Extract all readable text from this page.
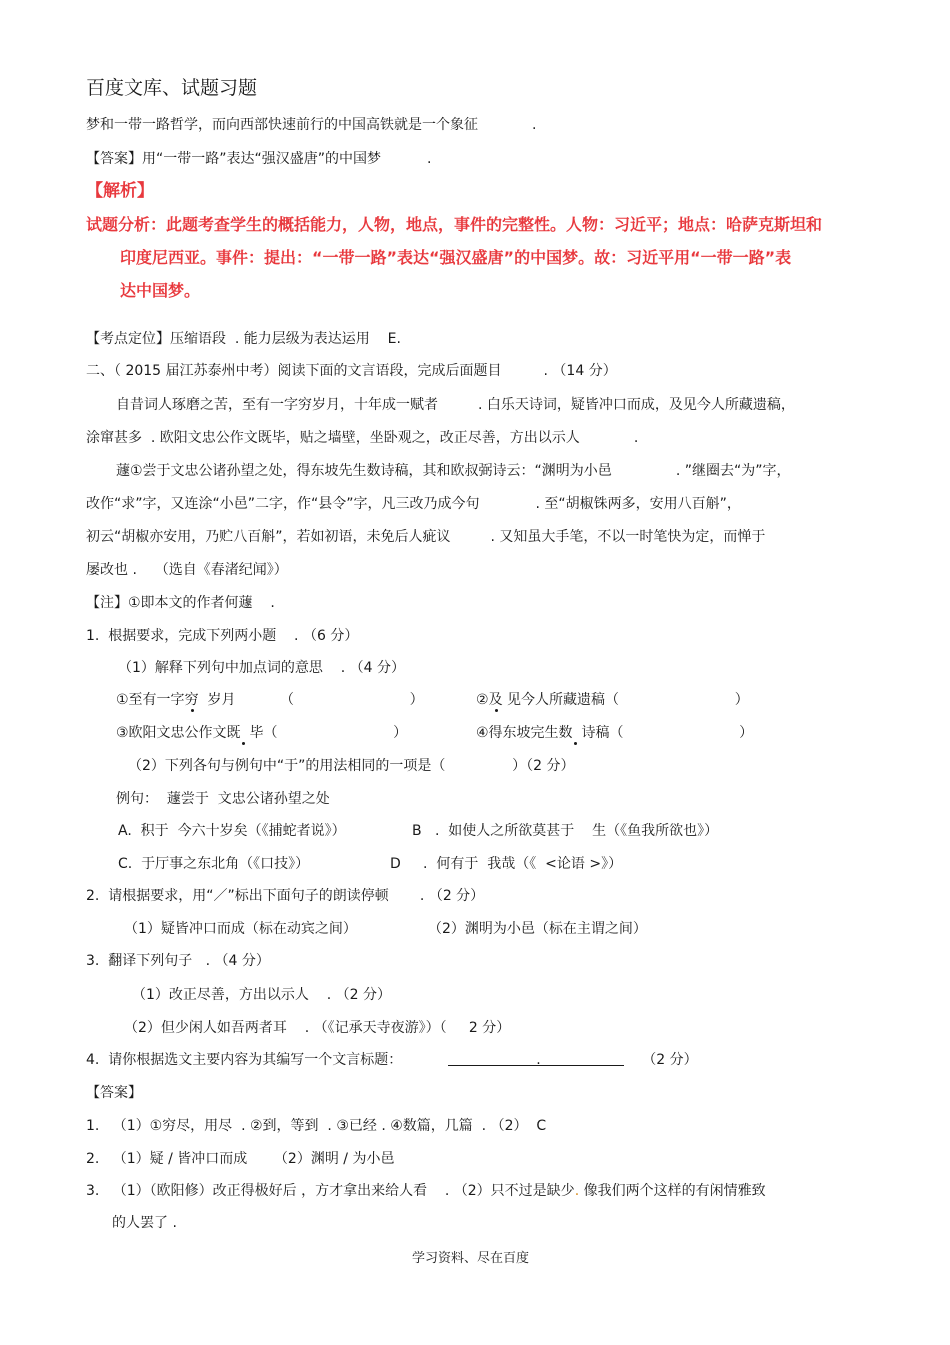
百度文库、试题习题
梦和一带一路哲学，而向西部快速前行的中国高铁就是一个象征	.
【答案】用“一带一路”表达“强汉盛唐”的中国梦	.
【解析】
试题分析：此题考查学生的概括能力，人物，地点，事件的完整性。人物：习近平；地点：哈萨克斯坦和
印度尼西亚。事件：提出：“一带一路”表达“强汉盛唐”的中国梦。故：习近平用“一带一路”表
达中国梦。
【考点定位】压缩语段  . 能力层级为表达运用    E.
二、（ 2015 届江苏泰州中考）阅读下面的文言语段，完成后面题目	. （14 分）
自昔词人琢磨之苦，至有一字穷岁月，十年成一赋者	. 白乐天诗词，疑皆冲口而成，及见今人所藏遗稿，
涂窜甚多  . 欧阳文忠公作文既毕，贴之墙壁，坐卧观之，改正尽善，方出以示人	.
蘧①尝于文忠公诸孙望之处，得东坡先生数诗稿，其和欧叔弼诗云：“渊明为小邑	. ”继圈去“为”字，
改作“求”字，又连涂“小邑”二字，作“县令”字，凡三改乃成今句	. 至“胡椒铢两多，安用八百斛”，
初云“胡椒亦安用，乃贮八百斛”，若如初语，未免后人疵议	. 又知虽大手笔，不以一时笔快为定，而惮于
屡改也 .    （选自《春渚纪闻》）
【注】①即本文的作者何蘧    .
1.  根据要求，完成下列两小题    . （6 分）
（1）解释下列句中加点词的意思    . （4 分）
①至有一字穷  岁月          （                          ）	②及 见今人所藏遗稿（                          ）
③欧阳文忠公作文既  毕（                          ）	④得东坡完生数  诗稿（                          ）
（2）下列各句与例句中“于”的用法相同的一项是（               ）（2 分）
例句：  蘧尝于  文忠公诸孙望之处
A.  积于  今六十岁矣（《捕蛇者说》）	B   .  如使人之所欲莫甚于    生（《鱼我所欲也》）
C.  于厅事之东北角（《口技》）	D     .  何有于  我哉（《  <论语 >》）
2.  请根据要求，用“／”标出下面句子的朗读停顿       . （2 分）
（1）疑皆冲口而成（标在动宾之间）	（2）渊明为小邑（标在主谓之间）
3.  翻译下列句子   . （4 分）
（1）改正尽善，方出以示人    . （2 分）
（2）但少闲人如吾两者耳    . （《记承天寺夜游》）（     2 分）
4.  请你根据选文主要内容为其编写一个文言标题：	.	（2 分）
【答案】
1.   （1）①穷尽，用尽  . ②到，等到  . ③已经 . ④数篇，几篇  . （2）  C
2.   （1）疑 / 皆冲口而成      （2）渊明 / 为小邑
3.   （1）（欧阳修）改正得极好后 ，方才拿出来给人看    . （2）只不过是缺少. 像我们两个这样的有闲情雅致
的人罢了 .
学习资料、尽在百度
